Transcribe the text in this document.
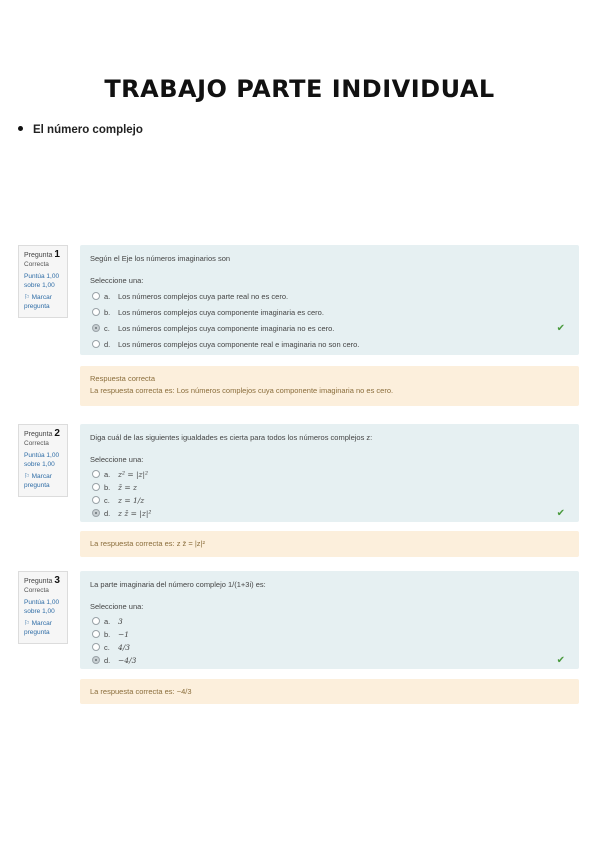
TRABAJO PARTE INDIVIDUAL
El número complejo
Pregunta 1
Correcta
Puntúa 1,00 sobre 1,00
⚐ Marcar pregunta
Según el Eje los números imaginarios son
Seleccione una:
a. Los números complejos cuya parte real no es cero.
b. Los números complejos cuya componente imaginaria es cero.
c. Los números complejos cuya componente imaginaria no es cero.	✔
d. Los números complejos cuya componente real e imaginaria no son cero.
Respuesta correcta
La respuesta correcta es: Los números complejos cuya componente imaginaria no es cero.
Pregunta 2
Correcta
Puntúa 1,00 sobre 1,00
⚐ Marcar pregunta
Diga cuál de las siguientes igualdades es cierta para todos los números complejos z:
Seleccione una:
a. z² = |z|²
b. z̄ = z
c. z = 1/z
d. z z̄ = |z|²	✔
La respuesta correcta es: z z̄ = |z|²
Pregunta 3
Correcta
Puntúa 1,00 sobre 1,00
⚐ Marcar pregunta
La parte imaginaria del número complejo 1/(1+3i) es:
Seleccione una:
a. 3
b. −1
c. 4/3
d. −4/3	✔
La respuesta correcta es: −4/3
